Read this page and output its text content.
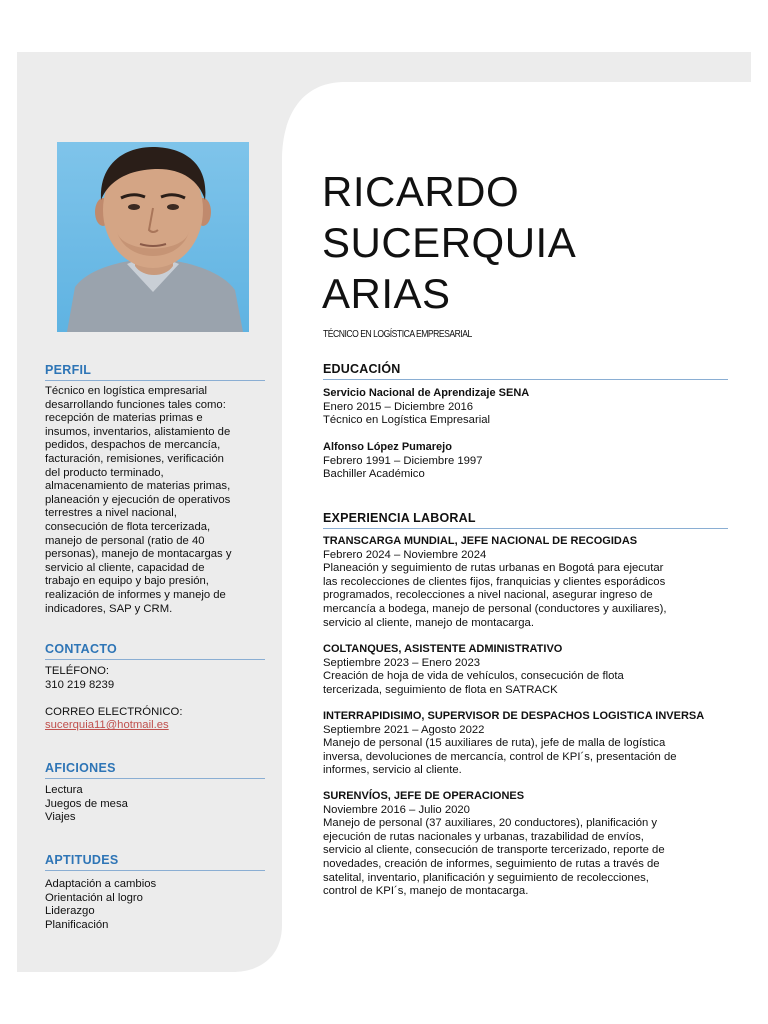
PERFIL
Técnico en logística empresarial
desarrollando funciones tales como:
recepción de materias primas e
insumos, inventarios, alistamiento de
pedidos, despachos de mercancía,
facturación, remisiones, verificación
del producto terminado,
almacenamiento de materias primas,
planeación y ejecución de operativos
terrestres a nivel nacional,
consecución de flota tercerizada,
manejo de personal (ratio de 40
personas), manejo de montacargas y
servicio al cliente, capacidad de
trabajo en equipo y bajo presión,
realización de informes y manejo de
indicadores, SAP y CRM.
CONTACTO
TELÉFONO:
310 219 8239
CORREO ELECTRÓNICO:
sucerquia11@hotmail.es
AFICIONES
Lectura
Juegos de mesa
Viajes
APTITUDES
Adaptación a cambios
Orientación al logro
Liderazgo
Planificación
RICARDO
SUCERQUIA
ARIAS
TÉCNICO EN LOGÍSTICA EMPRESARIAL
EDUCACIÓN
Servicio Nacional de Aprendizaje SENA
Enero 2015 – Diciembre 2016
Técnico en Logística Empresarial
Alfonso López Pumarejo
Febrero 1991 – Diciembre 1997
Bachiller Académico
EXPERIENCIA LABORAL
TRANSCARGA MUNDIAL, JEFE NACIONAL DE RECOGIDAS
Febrero 2024 – Noviembre 2024
Planeación y seguimiento de rutas urbanas en Bogotá para ejecutar
las recolecciones de clientes fijos, franquicias y clientes esporádicos
programados, recolecciones a nivel nacional, asegurar ingreso de
mercancía a bodega, manejo de personal (conductores y auxiliares),
servicio al cliente, manejo de montacarga.
COLTANQUES, ASISTENTE ADMINISTRATIVO
Septiembre 2023 – Enero 2023
Creación de hoja de vida de vehículos, consecución de flota
tercerizada, seguimiento de flota en SATRACK
INTERRAPIDISIMO, SUPERVISOR DE DESPACHOS LOGISTICA INVERSA
Septiembre 2021 – Agosto 2022
Manejo de personal (15 auxiliares de ruta), jefe de malla de logística
inversa, devoluciones de mercancía, control de KPI´s, presentación de
informes, servicio al cliente.
SURENVÍOS, JEFE DE OPERACIONES
Noviembre 2016 – Julio 2020
Manejo de personal (37 auxiliares, 20 conductores), planificación y
ejecución de rutas nacionales y urbanas, trazabilidad de envíos,
servicio al cliente, consecución de transporte tercerizado, reporte de
novedades, creación de informes, seguimiento de rutas a través de
satelital, inventario, planificación y seguimiento de recolecciones,
control de KPI´s, manejo de montacarga.
